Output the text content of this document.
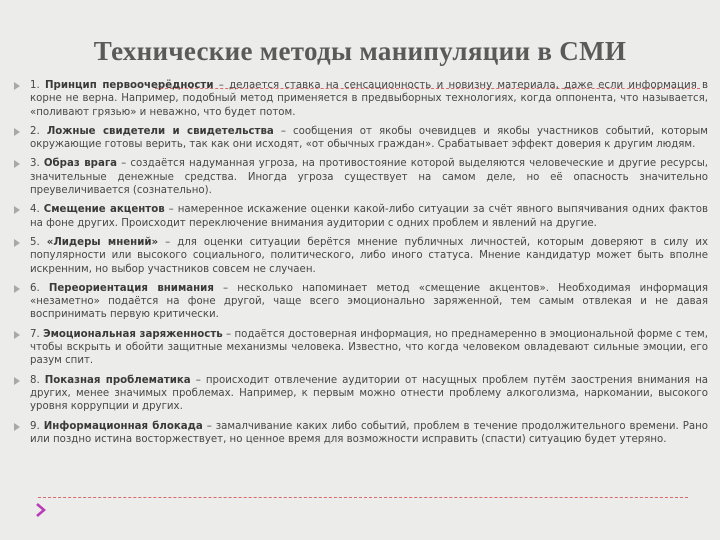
Технические методы манипуляции в СМИ
1. Принцип первоочерёдности – делается ставка на сенсационность и новизну материала, даже если информация в корне не верна. Например, подобный метод применяется в предвыборных технологиях, когда оппонента, что называется, «поливают грязью» и неважно, что будет потом.
2. Ложные свидетели и свидетельства – сообщения от якобы очевидцев и якобы участников событий, которым окружающие готовы верить, так как они исходят, «от обычных граждан». Срабатывает эффект доверия к другим людям.
3. Образ врага – создаётся надуманная угроза, на противостояние которой выделяются человеческие и другие ресурсы, значительные денежные средства. Иногда угроза существует на самом деле, но её опасность значительно преувеличивается (сознательно).
4. Смещение акцентов – намеренное искажение оценки какой-либо ситуации за счёт явного выпячивания одних фактов на фоне других. Происходит переключение внимания аудитории с одних проблем и явлений на другие.
5. «Лидеры мнений» – для оценки ситуации берётся мнение публичных личностей, которым доверяют в силу их популярности или высокого социального, политического, либо иного статуса. Мнение кандидатур может быть вполне искренним, но выбор участников совсем не случаен.
6. Переориентация внимания – несколько напоминает метод «смещение акцентов». Необходимая информация «незаметно» подаётся на фоне другой, чаще всего эмоционально заряженной, тем самым отвлекая и не давая воспринимать первую критически.
7. Эмоциональная заряженность – подаётся достоверная информация, но преднамеренно в эмоциональной форме с тем, чтобы вскрыть и обойти защитные механизмы человека. Известно, что когда человеком овладевают сильные эмоции, его разум спит.
8. Показная проблематика – происходит отвлечение аудитории от насущных проблем путём заострения внимания на других, менее значимых проблемах. Например, к первым можно отнести проблему алкоголизма, наркомании, высокого уровня коррупции и других.
9. Информационная блокада – замалчивание каких либо событий, проблем в течение продолжительного времени. Рано или поздно истина восторжествует, но ценное время для возможности исправить (спасти) ситуацию будет утеряно.
